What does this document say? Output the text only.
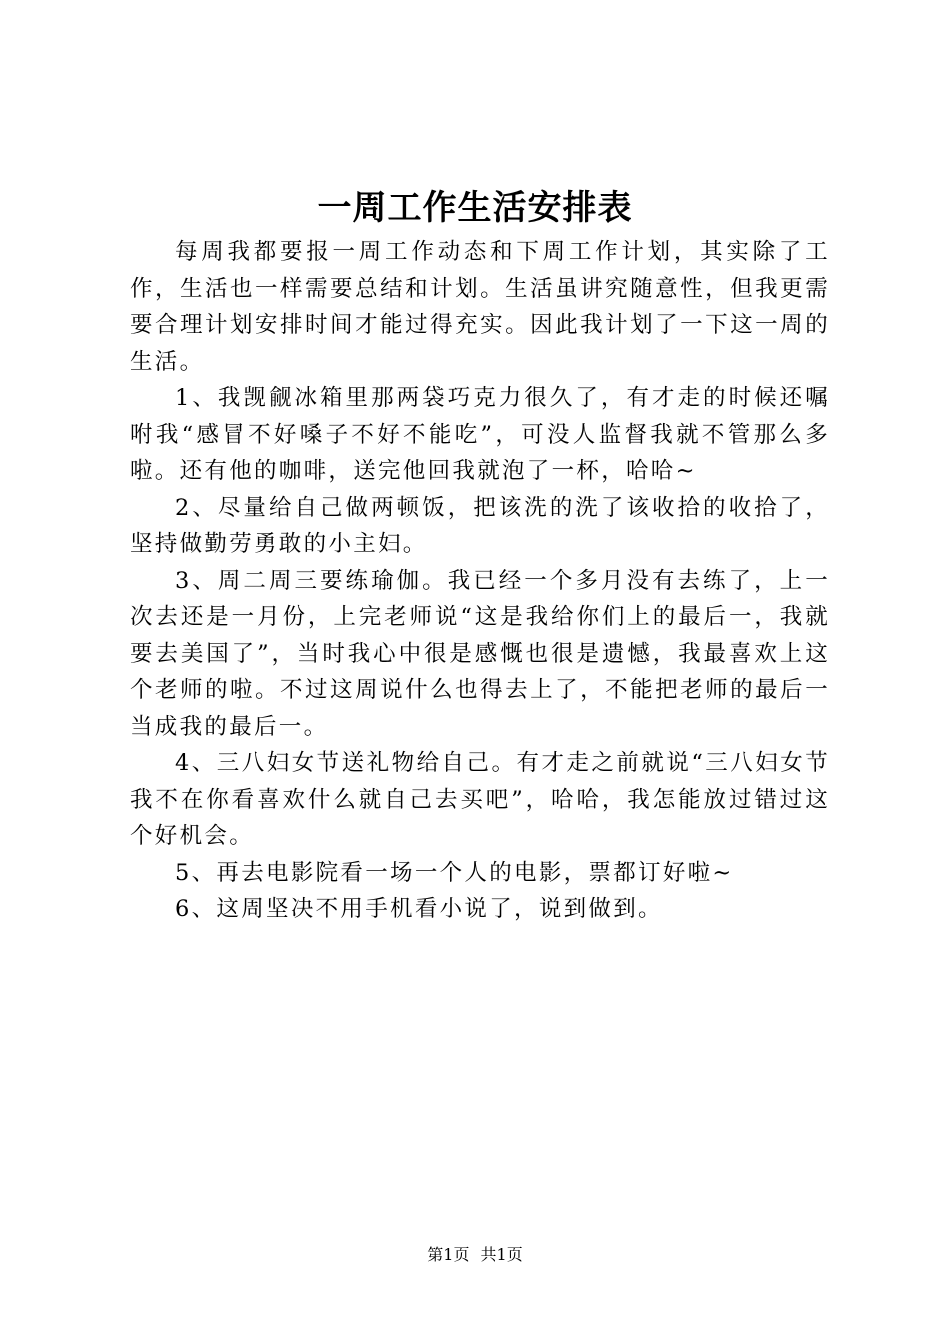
一周工作生活安排表

每周我都要报一周工作动态和下周工作计划，其实除了工作，生活也一样需要总结和计划。生活虽讲究随意性，但我更需要合理计划安排时间才能过得充实。因此我计划了一下这一周的生活。

1、我觊觎冰箱里那两袋巧克力很久了，有才走的时候还嘱咐我“感冒不好嗓子不好不能吃”，可没人监督我就不管那么多啦。还有他的咖啡，送完他回我就泡了一杯，哈哈~

2、尽量给自己做两顿饭，把该洗的洗了该收拾的收拾了，坚持做勤劳勇敢的小主妇。

3、周二周三要练瑜伽。我已经一个多月没有去练了，上一次去还是一月份，上完老师说“这是我给你们上的最后一，我就要去美国了”，当时我心中很是感慨也很是遗憾，我最喜欢上这个老师的啦。不过这周说什么也得去上了，不能把老师的最后一当成我的最后一。

4、三八妇女节送礼物给自己。有才走之前就说“三八妇女节我不在你看喜欢什么就自己去买吧”，哈哈，我怎能放过错过这个好机会。

5、再去电影院看一场一个人的电影，票都订好啦~

6、这周坚决不用手机看小说了，说到做到。

第1页 共1页
